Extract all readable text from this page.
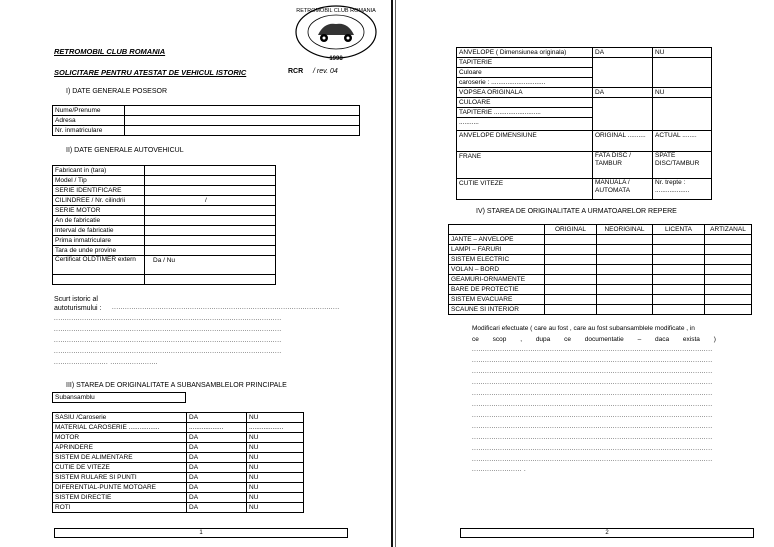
RETROMOBIL CLUB ROMANIA
1998
RETROMOBIL CLUB ROMANIA
SOLICITARE PENTRU ATESTAT DE VEHICUL ISTORIC	RCR / rev. 04
I) DATE GENERALE POSESOR
Nume/Prenume	
Adresa	
Nr. inmatriculare	
II) DATE GENERALE AUTOVEHICUL
Fabricant in (tara)	
Model / Tip	
SERIE IDENTIFICARE	
CILINDREE / Nr. cilindrii	/
SERIE MOTOR	
An de fabricatie	
Interval de fabricatie	
Prima inmatriculare	
Tara de unde provine	
Certificat OLDTIMER extern	Da / Nu

Scurt istoric al
autoturismului : .........................................................................................................
.........................................................................................................
.........................................................................................................
.........................................................................................................
.........................................................................................................
......................... ......................
III) STAREA DE ORIGINALITATE A SUBANSAMBLELOR PRINCIPALE
Subansamblu
SASIU /Caroserie	DA	NU
MATERIAL CAROSERIE .................	...................	...................
MOTOR	DA	NU
APRINDERE	DA	NU
SISTEM DE ALIMENTARE	DA	NU
CUTIE DE VITEZE	DA	NU
SISTEM RULARE SI PUNTI	DA	NU
DIFERENTIAL-PUNTE MOTOARE	DA	NU
SISTEM DIRECTIE	DA	NU
ROTI	DA	NU
1
ANVELOPE ( Dimensiunea originala)	DA	NU
TAPITERIE		
Culoare		
caroserie : ..............................		
VOPSEA ORIGINALA	DA	NU
CULOARE		
TAPITERIE ..........................		
...........		
ANVELOPE DIMENSIUNE	ORIGINAL ..........	ACTUAL ........
FRANE	FATA DISC / TAMBUR	SPATE DISC/TAMBUR
CUTIE VITEZE	MANUALA / AUTOMATA	Nr. trepte : ...................
IV) STAREA DE ORIGINALITATE A URMATOARELOR REPERE
	ORIGINAL	NEORIGINAL	LICENTA	ARTIZANAL
JANTE – ANVELOPE				
LAMPI – FARURI				
SISTEM ELECTRIC				
VOLAN – BORD				
GEAMURI-ORNAMENTE				
BARE DE PROTECTIE				
SISTEM EVACUARE				
SCAUNE SI INTERIOR				
Modificari efectuate ( care au fost , care au fost subansamblele modificate , in
ce scop , dupa ce documentatie – daca exista )
...............................................................................................................
...............................................................................................................
...............................................................................................................
...............................................................................................................
...............................................................................................................
...............................................................................................................
...............................................................................................................
...............................................................................................................
...............................................................................................................
...............................................................................................................
...............................................................................................................
....................... .
2
